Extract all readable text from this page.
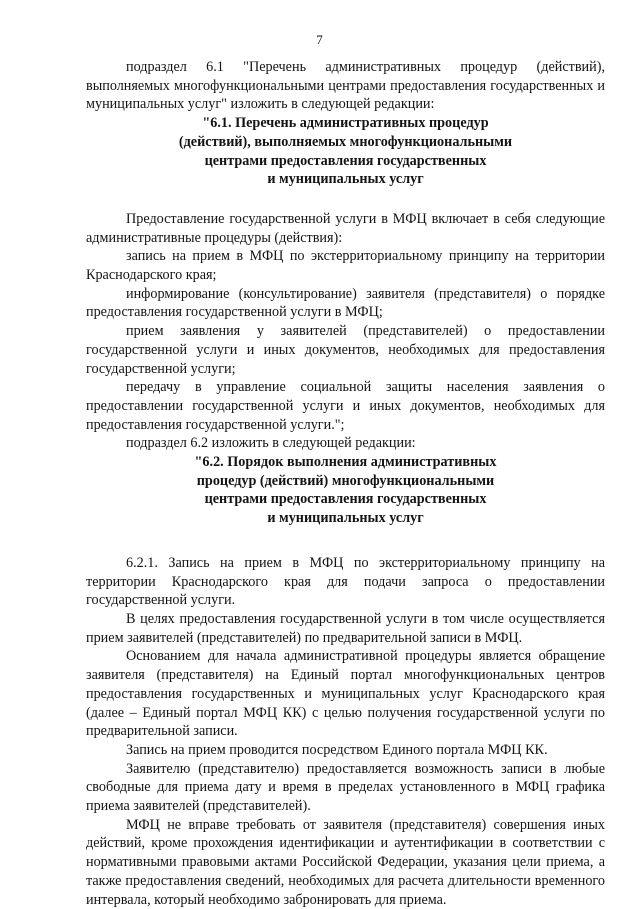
7

подраздел 6.1 "Перечень административных процедур (действий), выполняемых многофункциональными центрами предоставления государственных и муниципальных услуг" изложить в следующей редакции:

"6.1. Перечень административных процедур

(действий), выполняемых многофункциональными

центрами предоставления государственных

и муниципальных услуг

Предоставление государственной услуги в МФЦ включает в себя следующие административные процедуры (действия):

запись на прием в МФЦ по экстерриториальному принципу на территории Краснодарского края;

информирование (консультирование) заявителя (представителя) о порядке предоставления государственной услуги в МФЦ;

прием заявления у заявителей (представителей) о предоставлении государственной услуги и иных документов, необходимых для предоставления государственной услуги;

передачу в управление социальной защиты населения заявления о предоставлении государственной услуги и иных документов, необходимых для предоставления государственной услуги.";

подраздел 6.2 изложить в следующей редакции:

"6.2. Порядок выполнения административных

процедур (действий) многофункциональными

центрами предоставления государственных

и муниципальных услуг

6.2.1. Запись на прием в МФЦ по экстерриториальному принципу на территории Краснодарского края для подачи запроса о предоставлении государственной услуги.

В целях предоставления государственной услуги в том числе осуществляется прием заявителей (представителей) по предварительной записи в МФЦ.

Основанием для начала административной процедуры является обращение заявителя (представителя) на Единый портал многофункциональных центров предоставления государственных и муниципальных услуг Краснодарского края (далее – Единый портал МФЦ КК) с целью получения государственной услуги по предварительной записи.

Запись на прием проводится посредством Единого портала МФЦ КК.

Заявителю (представителю) предоставляется возможность записи в любые свободные для приема дату и время в пределах установленного в МФЦ графика приема заявителей (представителей).

МФЦ не вправе требовать от заявителя (представителя) совершения иных действий, кроме прохождения идентификации и аутентификации в соответствии с нормативными правовыми актами Российской Федерации, указания цели приема, а также предоставления сведений, необходимых для расчета длительности временного интервала, который необходимо забронировать для приема.
